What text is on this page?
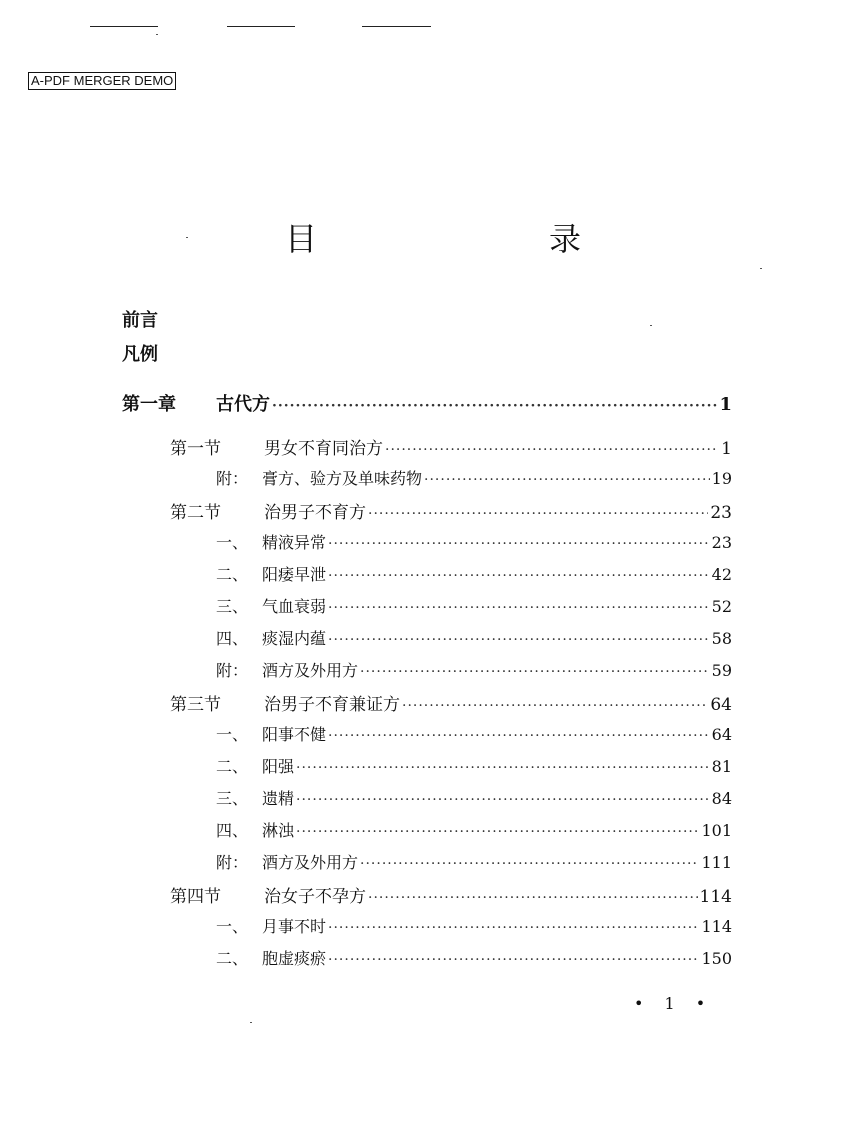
A-PDF MERGER DEMO
目　　录
前言
凡例
第一章 古代方 ·····	1
第一节	男女不育同治方 ·····	1
附： 膏方、验方及单味药物 ·····	19
第二节	治男子不育方 ·····	23
一、 精液异常 ·····	23
二、 阳痿早泄 ·····	42
三、 气血衰弱 ·····	52
四、 痰湿内蕴 ·····	58
附： 酒方及外用方 ·····	59
第三节	治男子不育兼证方 ·····	64
一、 阳事不健 ·····	64
二、 阳强 ·····	81
三、 遗精 ·····	84
四、 淋浊 ·····	101
附： 酒方及外用方 ·····	111
第四节	治女子不孕方 ·····	114
一、 月事不时 ·····	114
二、 胞虚痰瘀 ·····	150
• 1 •
